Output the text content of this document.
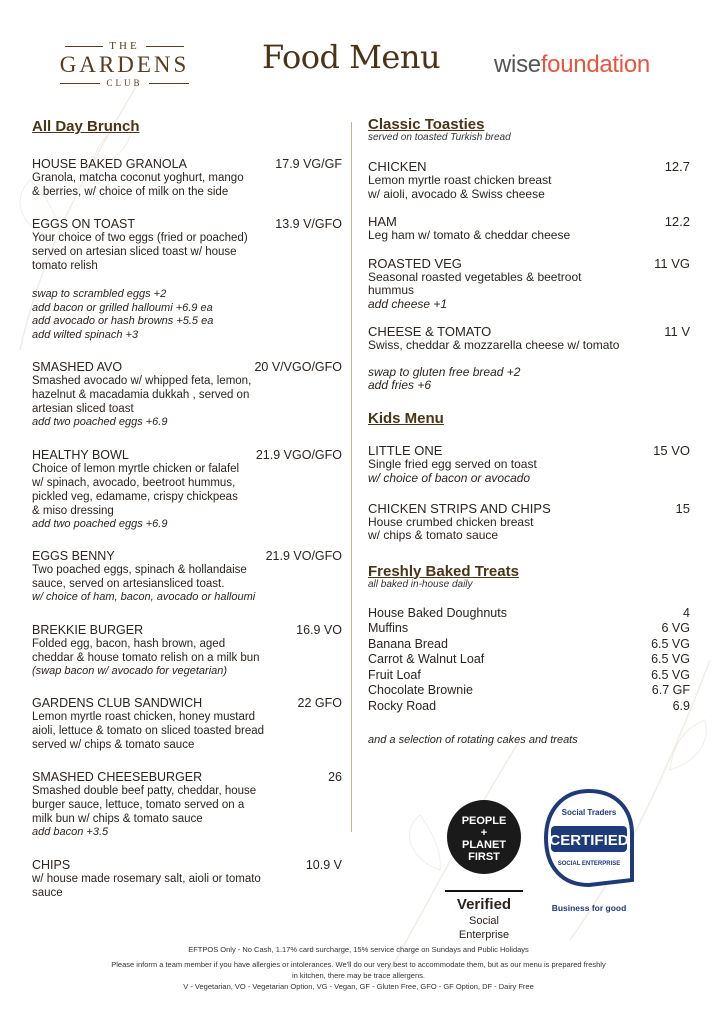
THE
GARDENS
CLUB
Food Menu wisefoundation
All Day Brunch
HOUSE BAKED GRANOLA	17.9 VG/GF
Granola, matcha coconut yoghurt, mango
& berries, w/ choice of milk on the side
EGGS ON TOAST	13.9 V/GFO
Your choice of two eggs (fried or poached)
served on artesian sliced toast w/ house
tomato relish
swap to scrambled eggs +2
add bacon or grilled halloumi +6.9 ea
add avocado or hash browns +5.5 ea
add wilted spinach +3
SMASHED AVO	20 V/VGO/GFO
Smashed avocado w/ whipped feta, lemon,
hazelnut & macadamia dukkah , served on
artesian sliced toast
add two poached eggs +6.9
HEALTHY BOWL	21.9 VGO/GFO
Choice of lemon myrtle chicken or falafel
w/ spinach, avocado, beetroot hummus,
pickled veg, edamame, crispy chickpeas
& miso dressing
add two poached eggs +6.9
EGGS BENNY	21.9 VO/GFO
Two poached eggs, spinach & hollandaise
sauce, served on artesiansliced toast.
w/ choice of ham, bacon, avocado or halloumi
BREKKIE BURGER	16.9 VO
Folded egg, bacon, hash brown, aged
cheddar & house tomato relish on a milk bun
(swap bacon w/ avocado for vegetarian)
GARDENS CLUB SANDWICH	22 GFO
Lemon myrtle roast chicken, honey mustard
aioli, lettuce & tomato on sliced toasted bread
served w/ chips & tomato sauce
SMASHED CHEESEBURGER	26
Smashed double beef patty, cheddar, house
burger sauce, lettuce, tomato served on a
milk bun w/ chips & tomato sauce
add bacon +3.5
CHIPS	10.9 V
w/ house made rosemary salt, aioli or tomato
sauce
Classic Toasties
served on toasted Turkish bread
CHICKEN	12.7
Lemon myrtle roast chicken breast
w/ aioli, avocado & Swiss cheese
HAM	12.2
Leg ham w/ tomato & cheddar cheese
ROASTED VEG	11 VG
Seasonal roasted vegetables & beetroot
hummus
add cheese +1
CHEESE & TOMATO	11 V
Swiss, cheddar & mozzarella cheese w/ tomato
swap to gluten free bread +2
add fries +6
Kids Menu
LITTLE ONE	15 VO
Single fried egg served on toast
w/ choice of bacon or avocado
CHICKEN STRIPS AND CHIPS	15
House crumbed chicken breast
w/ chips & tomato sauce
Freshly Baked Treats
all baked in-house daily
House Baked Doughnuts	4
Muffins	6 VG
Banana Bread	6.5 VG
Carrot & Walnut Loaf	6.5 VG
Fruit Loaf	6.5 VG
Chocolate Brownie	6.7 GF
Rocky Road	6.9
and a selection of rotating cakes and treats
PEOPLE
+
PLANET
FIRST
Verified
Social
Enterprise
CERTIFIED
Social Traders
SOCIAL ENTERPRISE
Business for good
EFTPOS Only - No Cash, 1.17% card surcharge, 15% service charge on Sundays and Public Holidays
Please inform a team member if you have allergies or intolerances. We'll do our very best to accommodate them, but as our menu is prepared freshly
in kitchen, there may be trace allergens.
V - Vegetarian, VO - Vegetarian Option, VG - Vegan, GF - Gluten Free, GFO - GF Option, DF - Dairy Free
